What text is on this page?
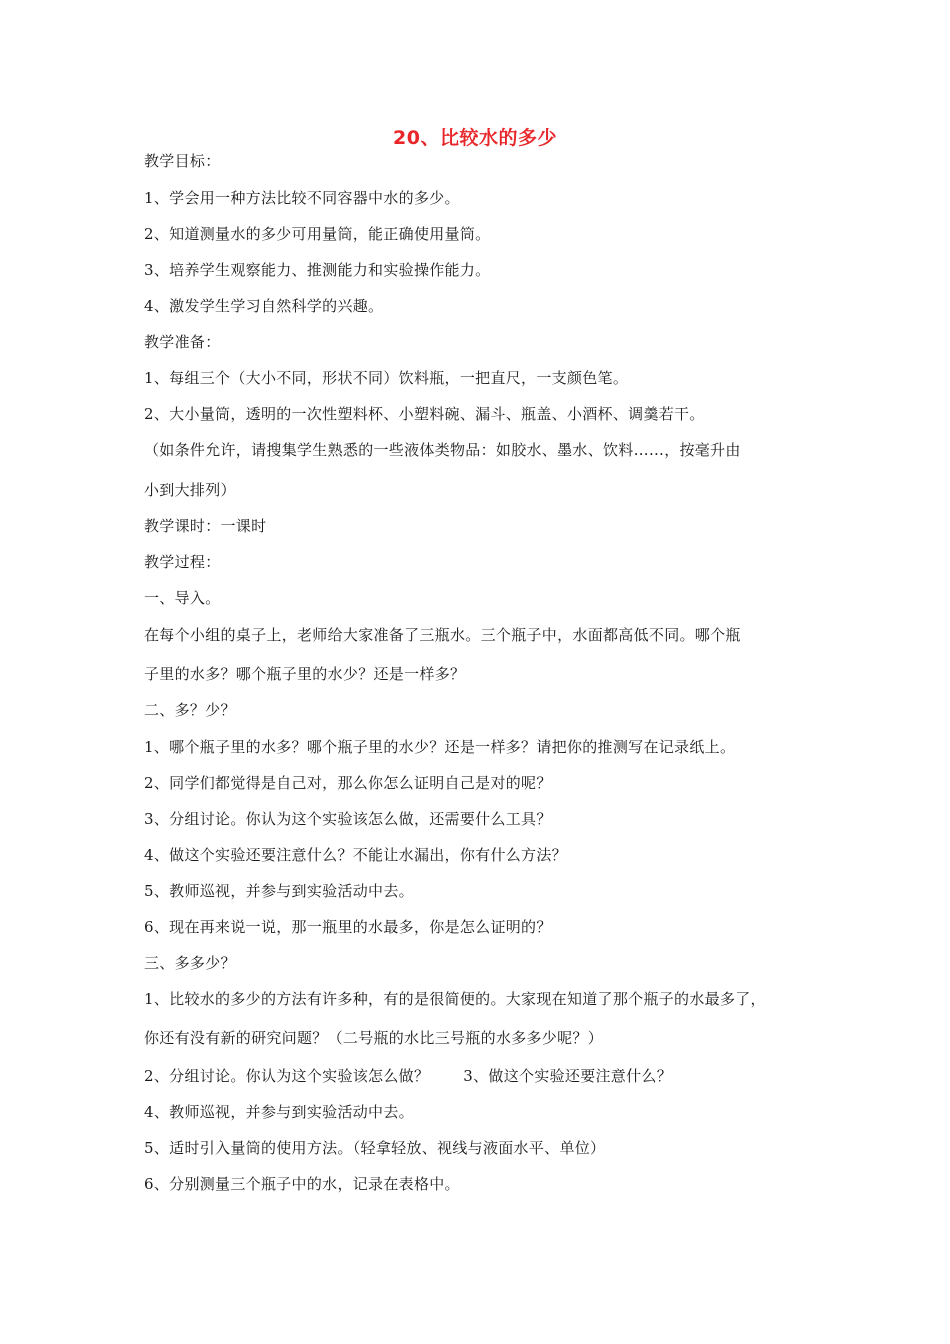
20、比较水的多少
教学目标：
1、学会用一种方法比较不同容器中水的多少。
2、知道测量水的多少可用量筒，能正确使用量筒。
3、培养学生观察能力、推测能力和实验操作能力。
4、激发学生学习自然科学的兴趣。
教学准备：
1、每组三个（大小不同，形状不同）饮料瓶，一把直尺，一支颜色笔。
2、大小量筒，透明的一次性塑料杯、小塑料碗、漏斗、瓶盖、小酒杯、调羹若干。
（如条件允许，请搜集学生熟悉的一些液体类物品：如胶水、墨水、饮料……，按毫升由
小到大排列）
教学课时：一课时
教学过程：
一、导入。
在每个小组的桌子上，老师给大家准备了三瓶水。三个瓶子中，水面都高低不同。哪个瓶
子里的水多？哪个瓶子里的水少？还是一样多？
二、多？少？
1、哪个瓶子里的水多？哪个瓶子里的水少？还是一样多？请把你的推测写在记录纸上。
2、同学们都觉得是自己对，那么你怎么证明自己是对的呢？
3、分组讨论。你认为这个实验该怎么做，还需要什么工具？
4、做这个实验还要注意什么？不能让水漏出，你有什么方法？
5、教师巡视，并参与到实验活动中去。
6、现在再来说一说，那一瓶里的水最多，你是怎么证明的？
三、多多少？
1、比较水的多少的方法有许多种，有的是很简便的。大家现在知道了那个瓶子的水最多了，
你还有没有新的研究问题？（二号瓶的水比三号瓶的水多多少呢？）
2、分组讨论。你认为这个实验该怎么做？ 3、做这个实验还要注意什么？
4、教师巡视，并参与到实验活动中去。
5、适时引入量筒的使用方法。（轻拿轻放、视线与液面水平、单位）
6、分别测量三个瓶子中的水，记录在表格中。
